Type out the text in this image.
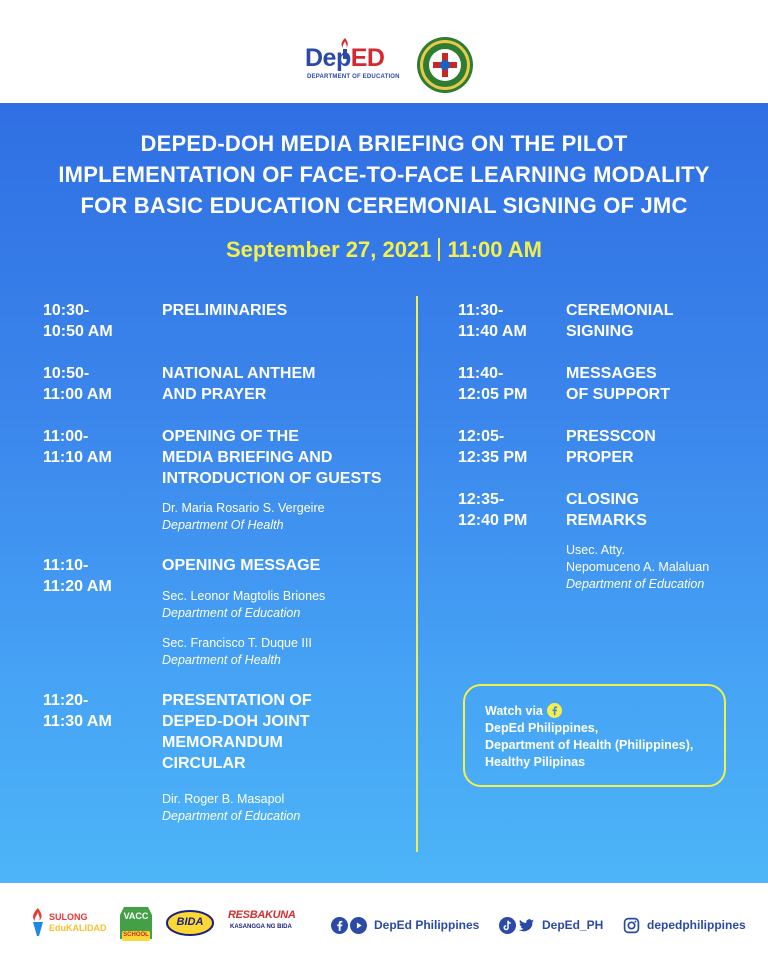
DepED
DEPARTMENT OF EDUCATION
DEPED-DOH MEDIA BRIEFING ON THE PILOT
IMPLEMENTATION OF FACE-TO-FACE LEARNING MODALITY
FOR BASIC EDUCATION CEREMONIAL SIGNING OF JMC
September 27, 2021 11:00 AM
10:30-
10:50 AM
PRELIMINARIES
10:50-
11:00 AM
NATIONAL ANTHEM
AND PRAYER
11:00-
11:10 AM
OPENING OF THE
MEDIA BRIEFING AND
INTRODUCTION OF GUESTS
Dr. Maria Rosario S. Vergeire
Department Of Health
11:10-
11:20 AM
OPENING MESSAGE
Sec. Leonor Magtolis Briones
Department of Education
Sec. Francisco T. Duque III
Department of Health
11:20-
11:30 AM
PRESENTATION OF
DEPED-DOH JOINT
MEMORANDUM
CIRCULAR
Dir. Roger B. Masapol
Department of Education
11:30-
11:40 AM
CEREMONIAL
SIGNING
11:40-
12:05 PM
MESSAGES
OF SUPPORT
12:05-
12:35 PM
PRESSCON
PROPER
12:35-
12:40 PM
CLOSING
REMARKS
Usec. Atty.
Nepomuceno A. Malaluan
Department of Education
Watch via
DepEd Philippines,
Department of Health (Philippines),
Healthy Pilipinas
SULONG
EduKALIDAD
VACC
SCHOOL
BIDA
RESBAKUNA
KASANGGA NG BIDA	DepEd Philippines	DepEd_PH	depedphilippines
